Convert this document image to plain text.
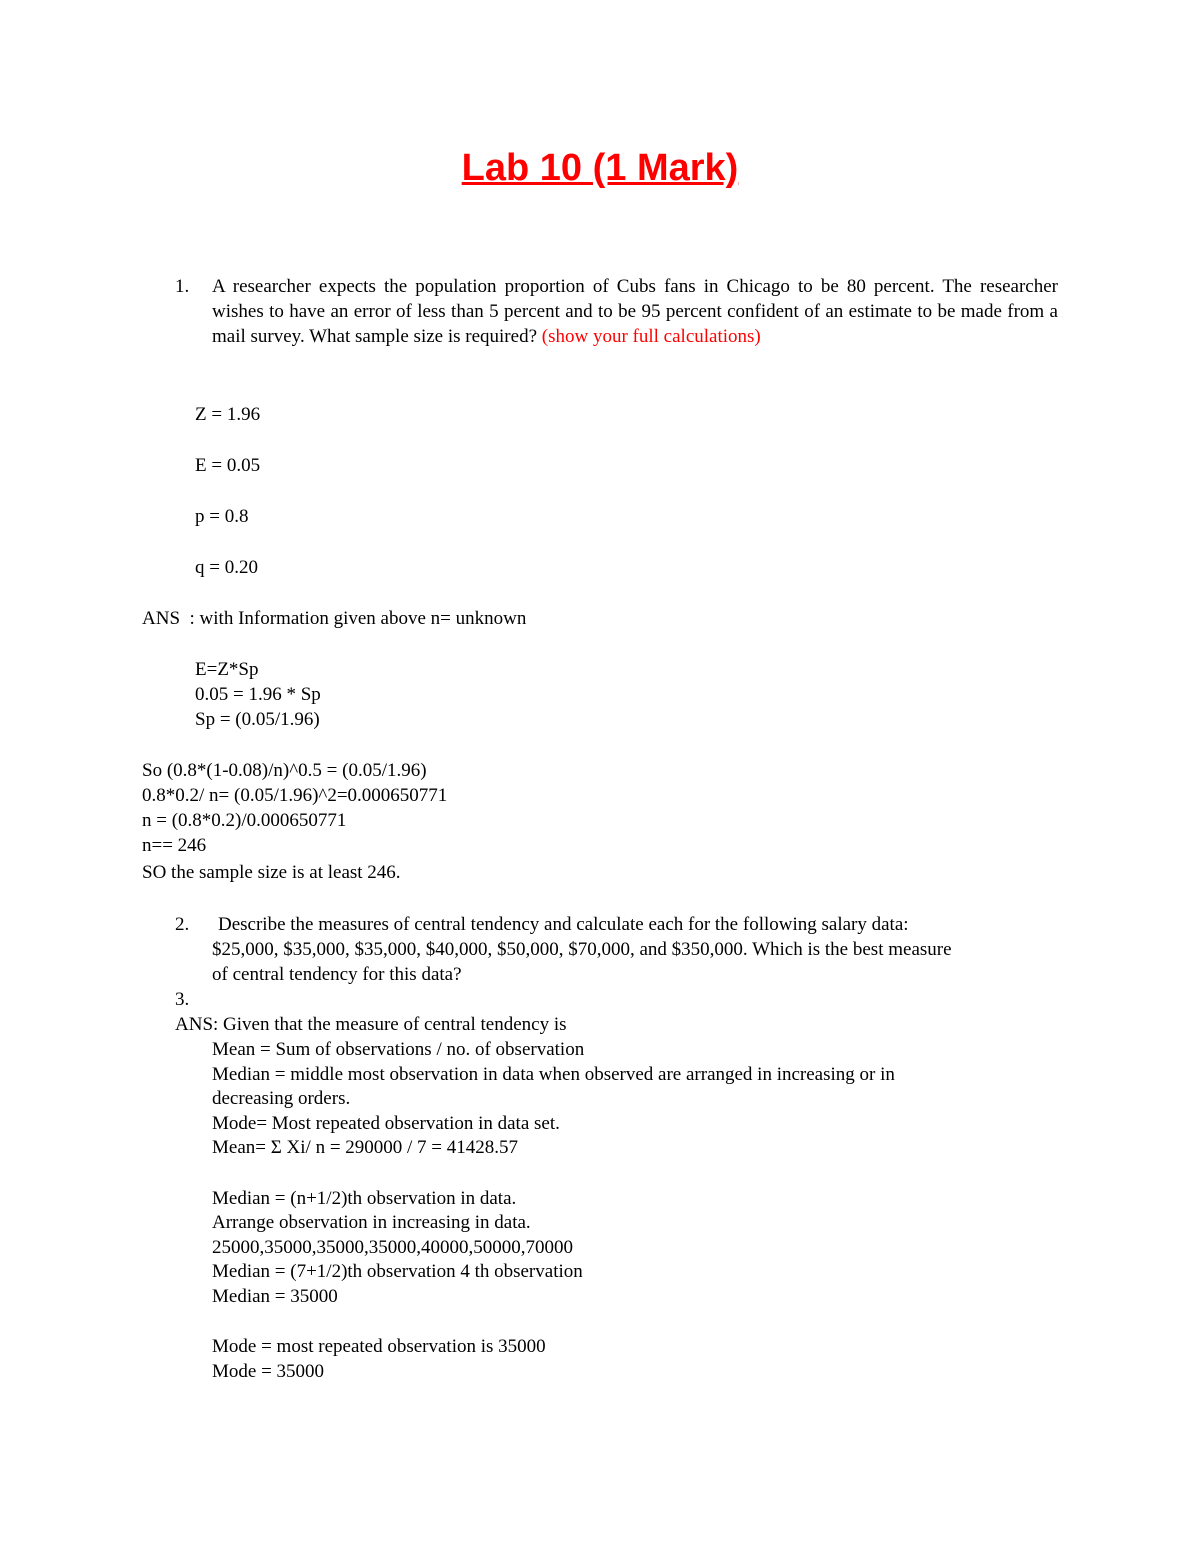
Lab 10 (1 Mark)
1. A researcher expects the population proportion of Cubs fans in Chicago to be 80 percent. The researcher wishes to have an error of less than 5 percent and to be 95 percent confident of an estimate to be made from a mail survey. What sample size is required? (show your full calculations)
Z = 1.96
E = 0.05
p = 0.8
q = 0.20
ANS  : with Information given above n= unknown
E=Z*Sp
0.05 = 1.96 * Sp
Sp = (0.05/1.96)
So (0.8*(1-0.08)/n)^0.5 = (0.05/1.96)
0.8*0.2/ n= (0.05/1.96)^2=0.000650771
n = (0.8*0.2)/0.000650771
n== 246
SO the sample size is at least 246.
2. Describe the measures of central tendency and calculate each for the following salary data:
$25,000, $35,000, $35,000, $40,000, $50,000, $70,000, and $350,000. Which is the best measure
of central tendency for this data?
3.
ANS: Given that the measure of central tendency is
Mean = Sum of observations / no. of observation
Median = middle most observation in data when observed are arranged in increasing or in
decreasing orders.
Mode= Most repeated observation in data set.
Mean= Σ Xi/ n = 290000 / 7 = 41428.57
Median = (n+1/2)th observation in data.
Arrange observation in increasing in data.
25000,35000,35000,35000,40000,50000,70000
Median = (7+1/2)th observation 4 th observation
Median = 35000
Mode = most repeated observation is 35000
Mode = 35000
